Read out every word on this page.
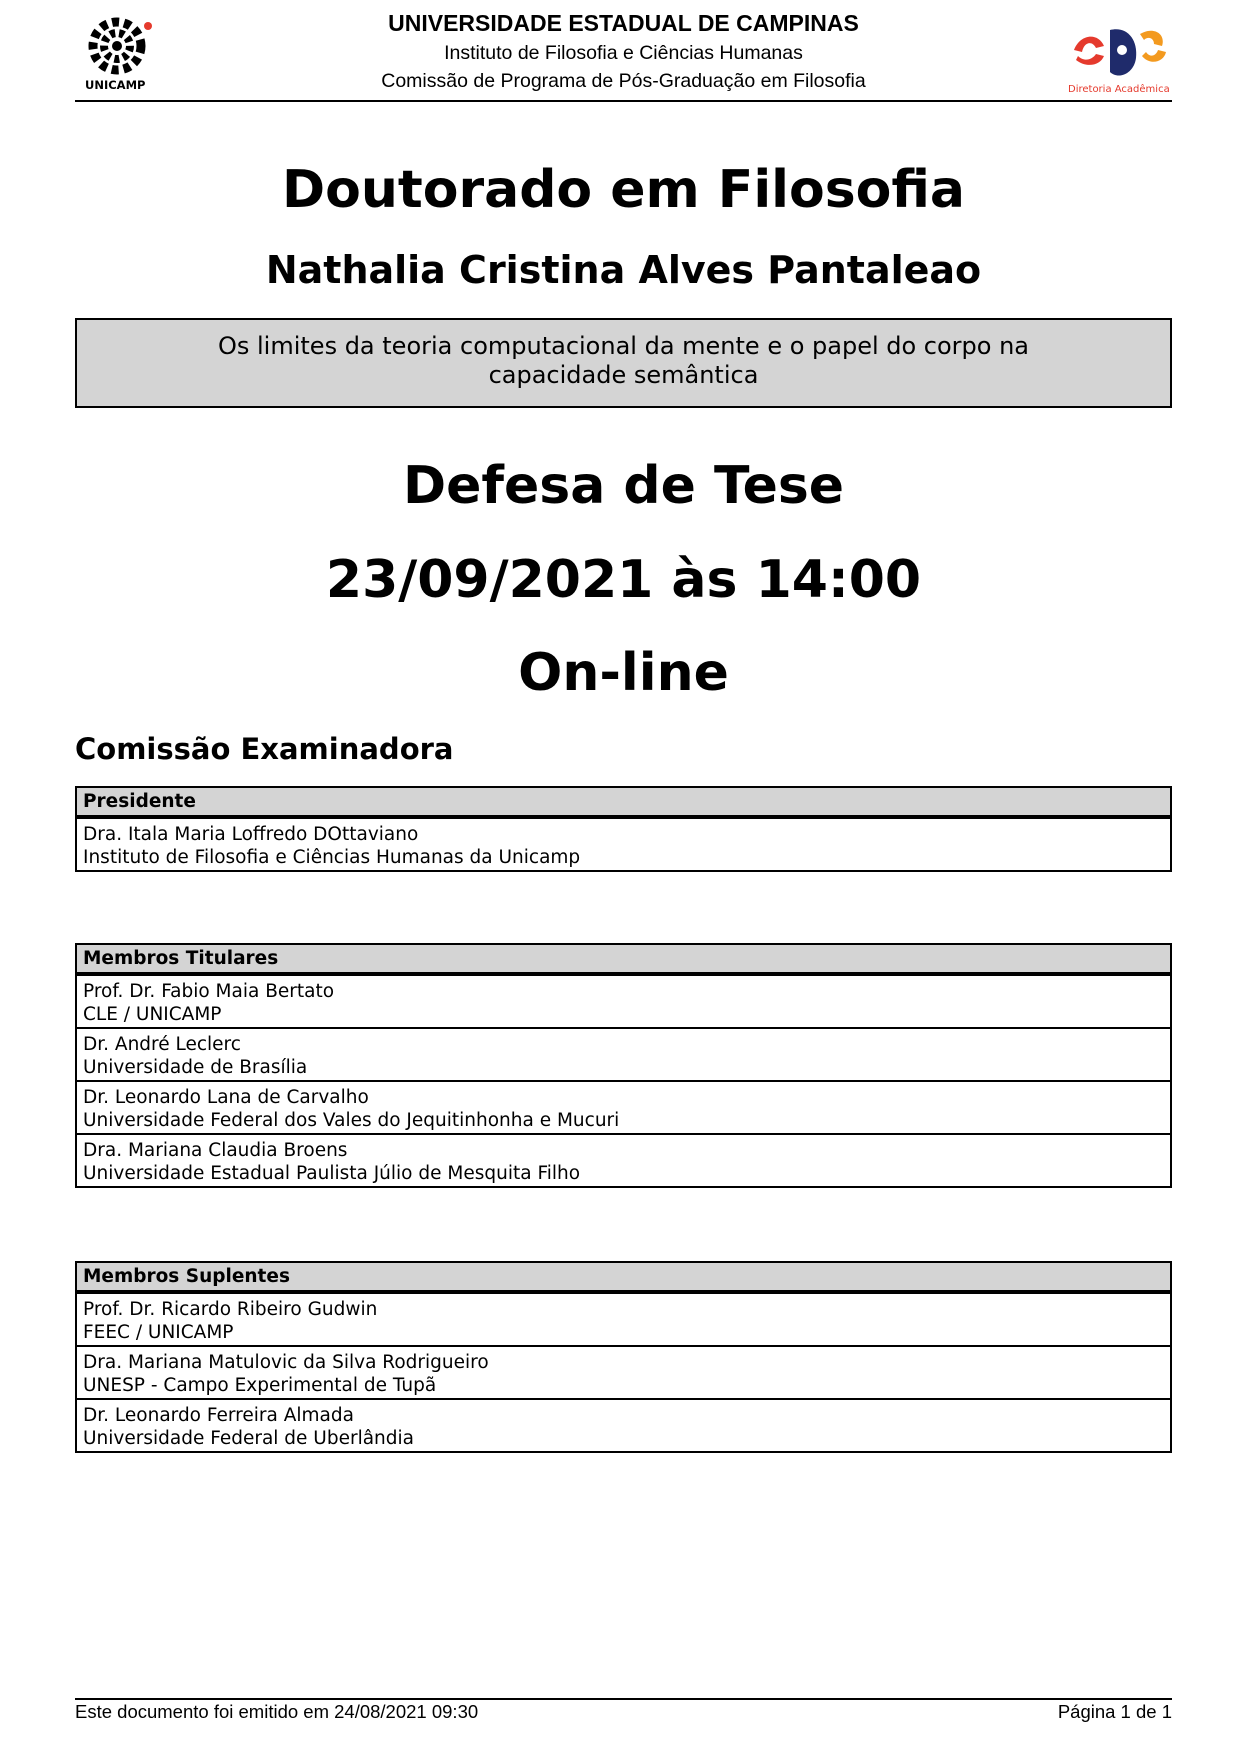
UNICAMP
UNIVERSIDADE ESTADUAL DE CAMPINAS
Instituto de Filosofia e Ciências Humanas
Comissão de Programa de Pós-Graduação em Filosofia	Diretoria Acadêmica
Doutorado em Filosofia
Nathalia Cristina Alves Pantaleao
Os limites da teoria computacional da mente e o papel do corpo na capacidade semântica
Defesa de Tese
23/09/2021 às 14:00
On-line
Comissão Examinadora
Presidente
Dra. Itala Maria Loffredo DOttaviano
Instituto de Filosofia e Ciências Humanas da Unicamp
Membros Titulares
Prof. Dr. Fabio Maia Bertato
CLE / UNICAMP
Dr. André Leclerc
Universidade de Brasília
Dr. Leonardo Lana de Carvalho
Universidade Federal dos Vales do Jequitinhonha e Mucuri
Dra. Mariana Claudia Broens
Universidade Estadual Paulista Júlio de Mesquita Filho
Membros Suplentes
Prof. Dr. Ricardo Ribeiro Gudwin
FEEC / UNICAMP
Dra. Mariana Matulovic da Silva Rodrigueiro
UNESP - Campo Experimental de Tupã
Dr. Leonardo Ferreira Almada
Universidade Federal de Uberlândia
Este documento foi emitido em 24/08/2021 09:30	Página 1 de 1
